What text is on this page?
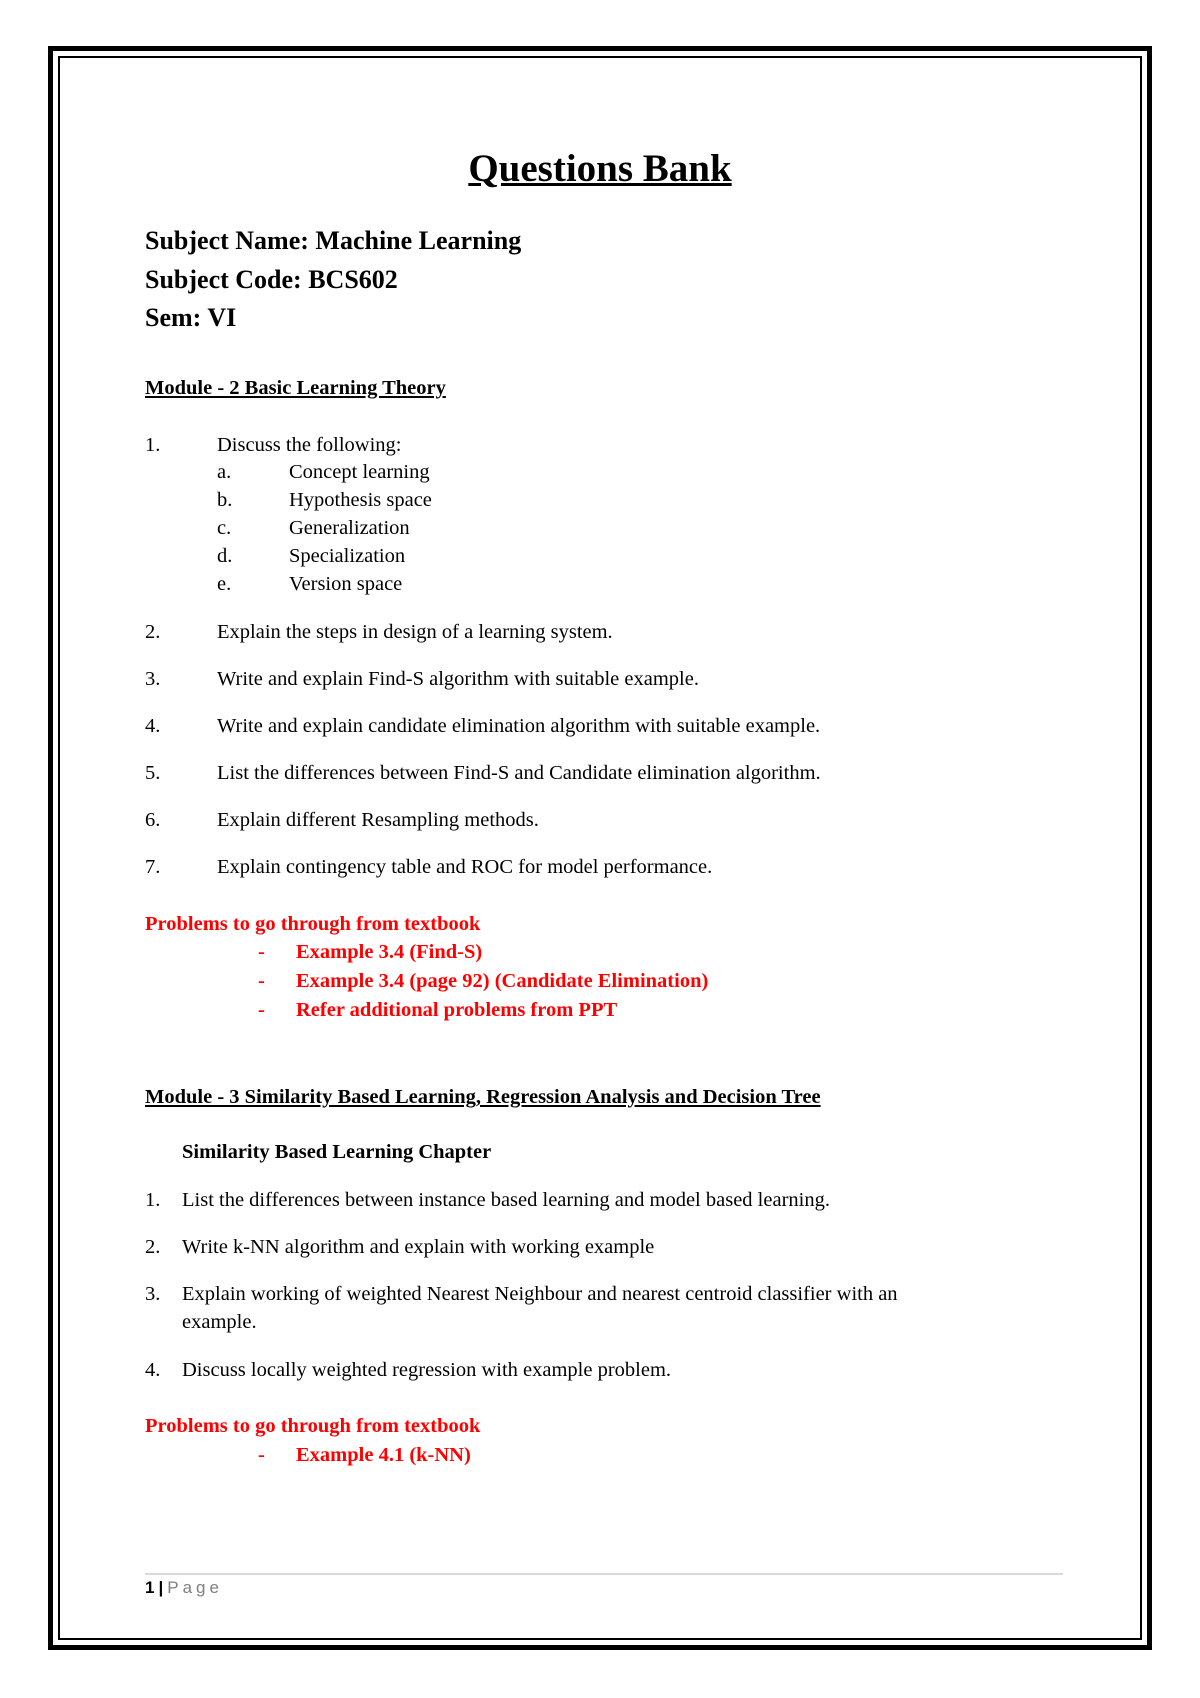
Questions Bank
Subject Name: Machine Learning
Subject Code: BCS602
Sem: VI
Module - 2 Basic Learning Theory
1.	Discuss the following:
a.	Concept learning
b.	Hypothesis space
c.	Generalization
d.	Specialization
e.	Version space
2.	Explain the steps in design of a learning system.
3.	Write and explain Find-S algorithm with suitable example.
4.	Write and explain candidate elimination algorithm with suitable example.
5.	List the differences between Find-S and Candidate elimination algorithm.
6.	Explain different Resampling methods.
7.	Explain contingency table and ROC for model performance.
Problems to go through from textbook
- Example 3.4 (Find-S)
- Example 3.4 (page 92) (Candidate Elimination)
- Refer additional problems from PPT
Module - 3 Similarity Based Learning, Regression Analysis and Decision Tree
Similarity Based Learning Chapter
1. List the differences between instance based learning and model based learning.
2. Write k-NN algorithm and explain with working example
3. Explain working of weighted Nearest Neighbour and nearest centroid classifier with an
example.
4. Discuss locally weighted regression with example problem.
Problems to go through from textbook
- Example 4.1 (k-NN)
1 | Page
